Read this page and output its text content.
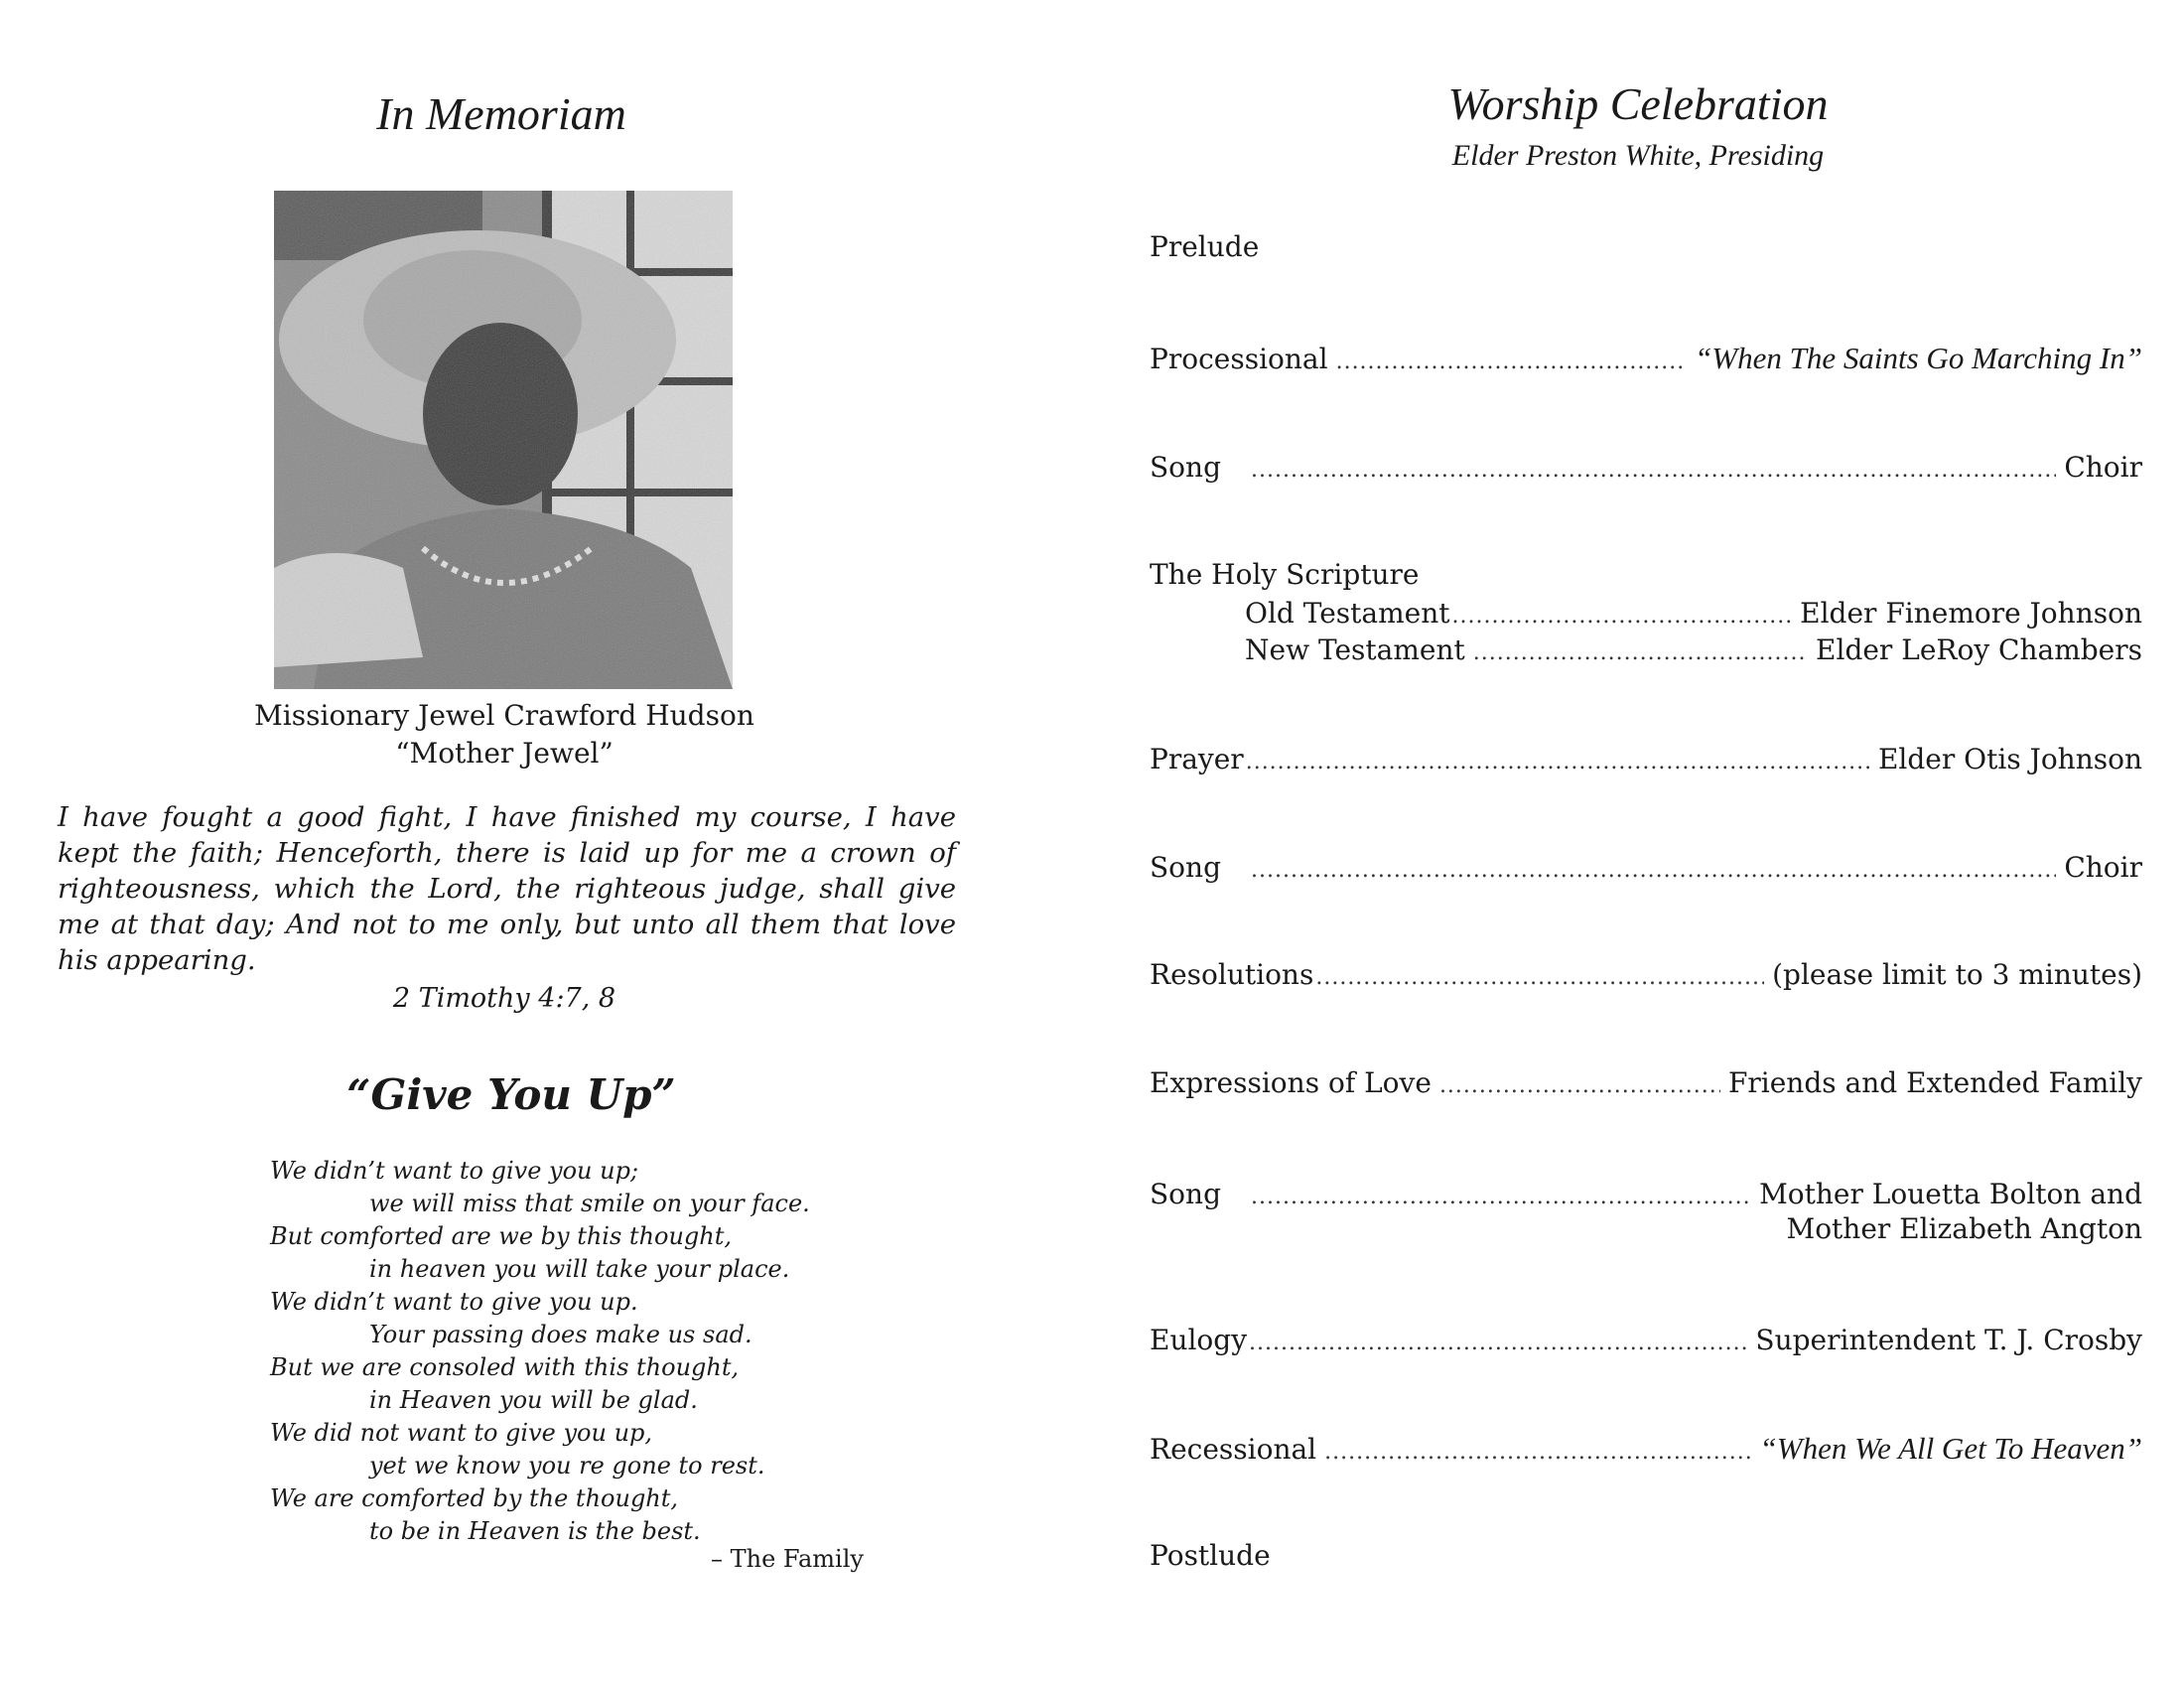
In Memoriam
Missionary Jewel Crawford Hudson
“Mother Jewel”
I have fought a good fight, I have finished my course, I have kept the faith; Henceforth, there is laid up for me a crown of righteousness, which the Lord, the righteous judge, shall give me at that day; And not to me only, but unto all them that love his appearing.
2 Timothy 4:7, 8
“Give You Up”
We didn’t want to give you up;
we will miss that smile on your face.
But comforted are we by this thought,
in heaven you will take your place.
We didn’t want to give you up.
Your passing does make us sad.
But we are consoled with this thought,
in Heaven you will be glad.
We did not want to give you up,
yet we know you re gone to rest.
We are comforted by the thought,
to be in Heaven is the best.
– The Family
Worship Celebration
Elder Preston White, Presiding
Prelude
Processional .....	“When The Saints Go Marching In”
Song .....	Choir
The Holy Scripture
Old Testament .....	Elder Finemore Johnson
New Testament .....	Elder LeRoy Chambers
Prayer .....	Elder Otis Johnson
Song .....	Choir
Resolutions .....	(please limit to 3 minutes)
Expressions of Love .....	Friends and Extended Family
Song .....	Mother Louetta Bolton and
Mother Elizabeth Angton
Eulogy .....	Superintendent T. J. Crosby
Recessional .....	“When We All Get To Heaven”
Postlude
